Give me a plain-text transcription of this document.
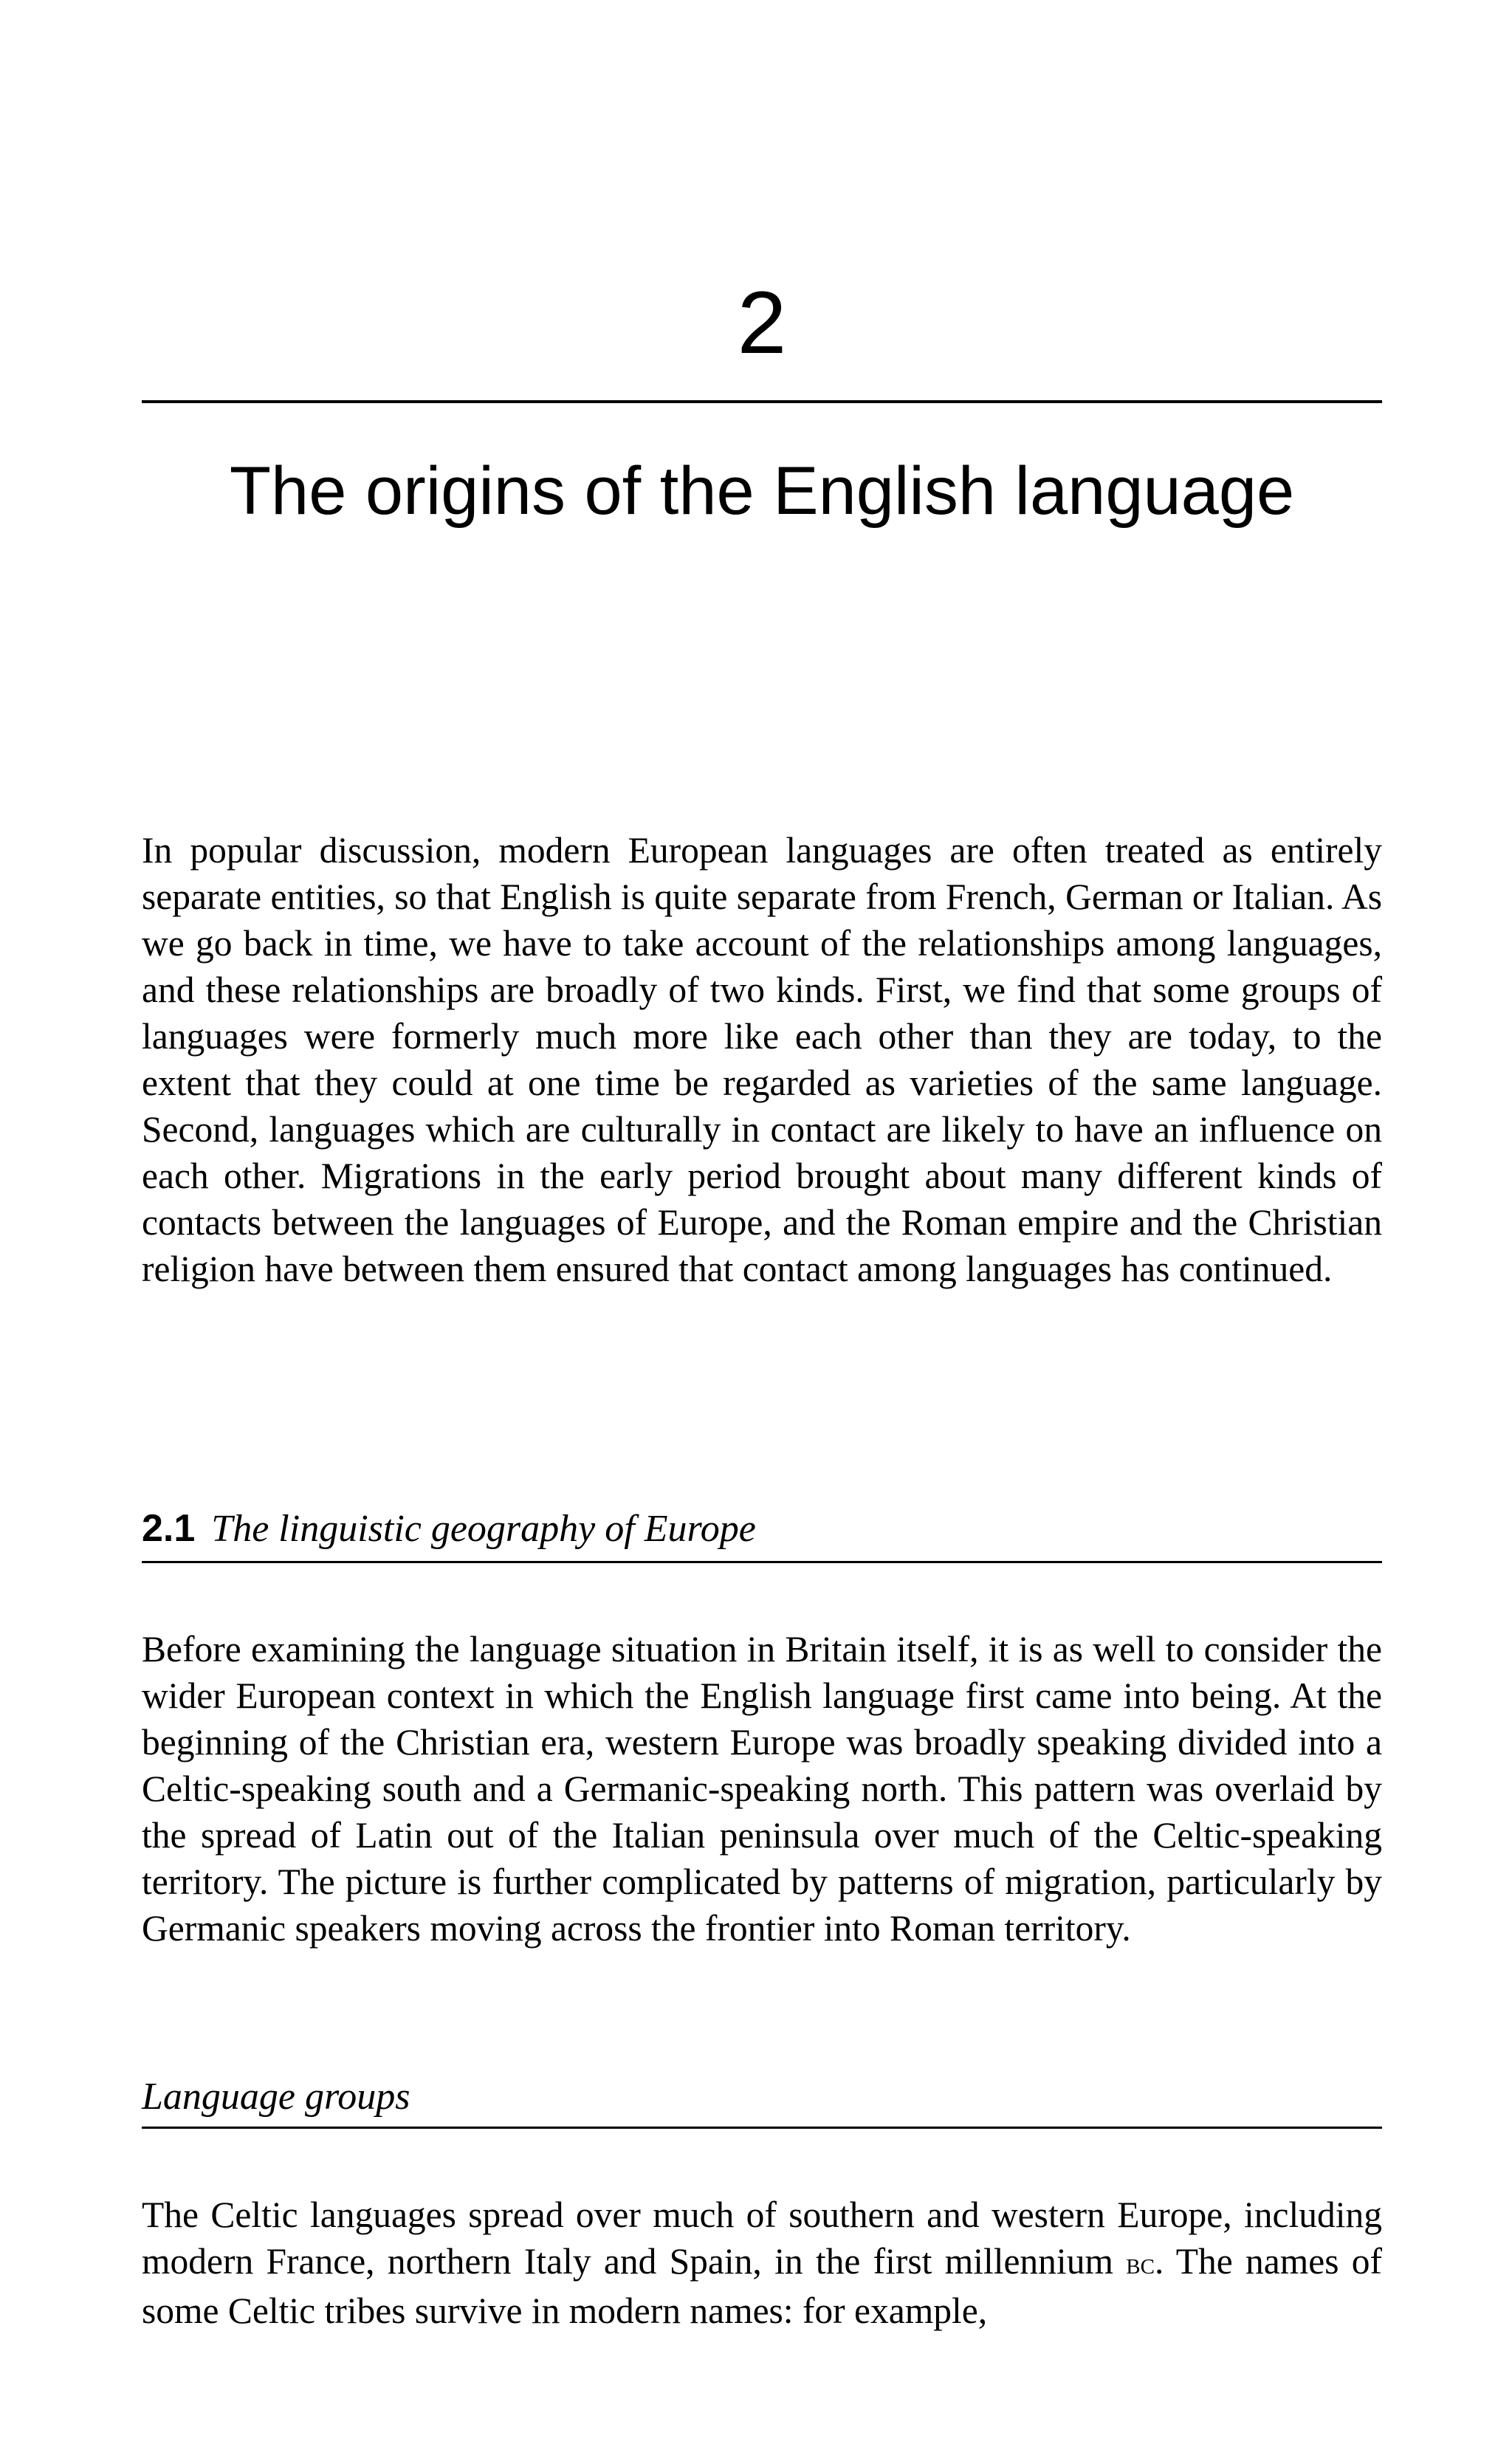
2
The origins of the English language

In popular discussion, modern European languages are often treated as entirely separate entities, so that English is quite separate from French, German or Italian. As we go back in time, we have to take account of the relationships among languages, and these relationships are broadly of two kinds. First, we find that some groups of languages were formerly much more like each other than they are today, to the extent that they could at one time be regarded as varieties of the same language. Second, languages which are culturally in contact are likely to have an influence on each other. Migrations in the early period brought about many different kinds of contacts between the languages of Europe, and the Roman empire and the Christian religion have between them ensured that contact among languages has continued.

2.1 The linguistic geography of Europe

Before examining the language situation in Britain itself, it is as well to consider the wider European context in which the English language first came into being. At the beginning of the Christian era, western Europe was broadly speaking divided into a Celtic-speaking south and a Germanic-speaking north. This pattern was overlaid by the spread of Latin out of the Italian peninsula over much of the Celtic-speaking territory. The picture is further complicated by patterns of migration, particularly by Germanic speakers moving across the frontier into Roman territory.

Language groups

The Celtic languages spread over much of southern and western Europe, including modern France, northern Italy and Spain, in the first millennium bc. The names of some Celtic tribes survive in modern names: for example,
